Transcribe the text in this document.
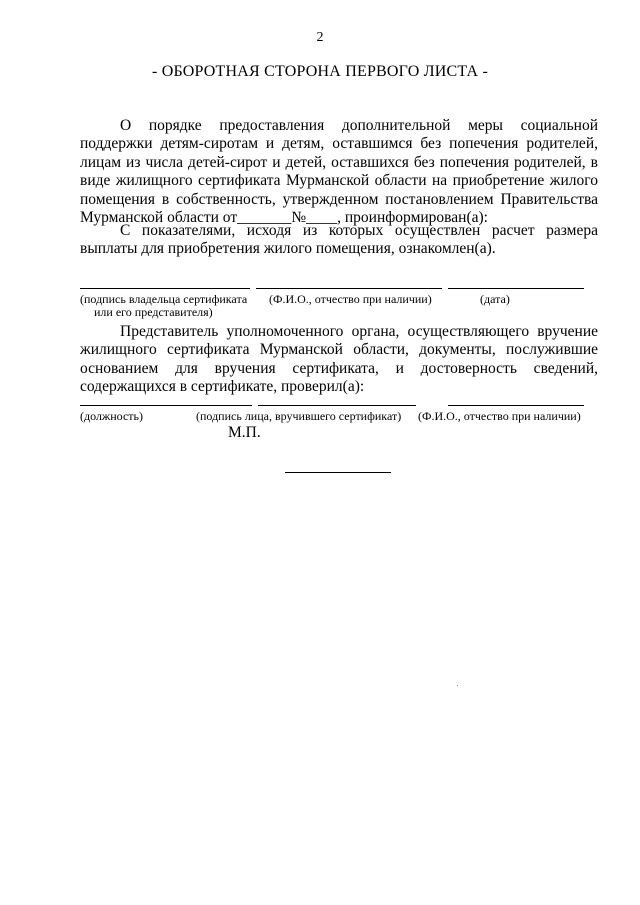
2
- ОБОРОТНАЯ СТОРОНА ПЕРВОГО ЛИСТА -
О порядке предоставления дополнительной меры социальной поддержки детям-сиротам и детям, оставшимся без попечения родителей, лицам из числа детей-сирот и детей, оставшихся без попечения родителей, в виде жилищного сертификата Мурманской области на приобретение жилого помещения в собственность, утвержденном постановлением Правительства Мурманской области от_______№____, проинформирован(а):
С показателями, исходя из которых осуществлен расчет размера выплаты для приобретения жилого помещения, ознакомлен(а).
(подпись владельца сертификата (Ф.И.О., отчество при наличии)	(дата)
или его представителя)
Представитель уполномоченного органа, осуществляющего вручение жилищного сертификата Мурманской области, документы, послужившие основанием для вручения сертификата, и достоверность сведений, содержащихся в сертификате, проверил(а):
(должность)	(подпись лица, вручившего сертификат) (Ф.И.О., отчество при наличии)
М.П.
